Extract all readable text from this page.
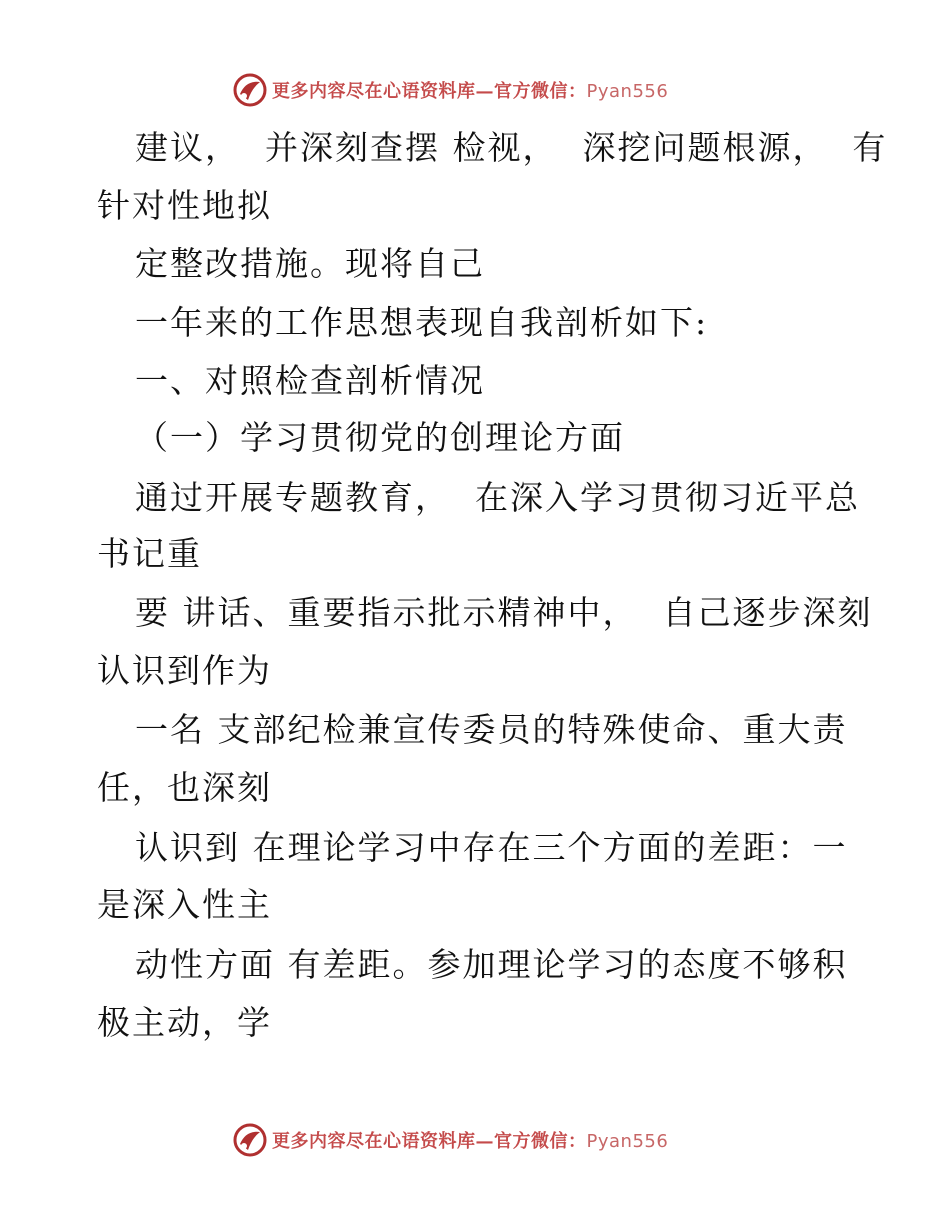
更多内容尽在心语资料库—官方微信：Pyan556
建议，  并深刻查摆 检视，  深挖问题根源，  有
针对性地拟
定整改措施。现将自己
一年来的工作思想表现自我剖析如下:
一、对照检查剖析情况
（一）学习贯彻党的创理论方面
通过开展专题教育，  在深入学习贯彻习近平总
书记重
要 讲话、重要指示批示精神中，  自己逐步深刻
认识到作为
一名 支部纪检兼宣传委员的特殊使命、重大责
任，也深刻
认识到 在理论学习中存在三个方面的差距：一
是深入性主
动性方面 有差距。参加理论学习的态度不够积
极主动，学
更多内容尽在心语资料库—官方微信：Pyan556
